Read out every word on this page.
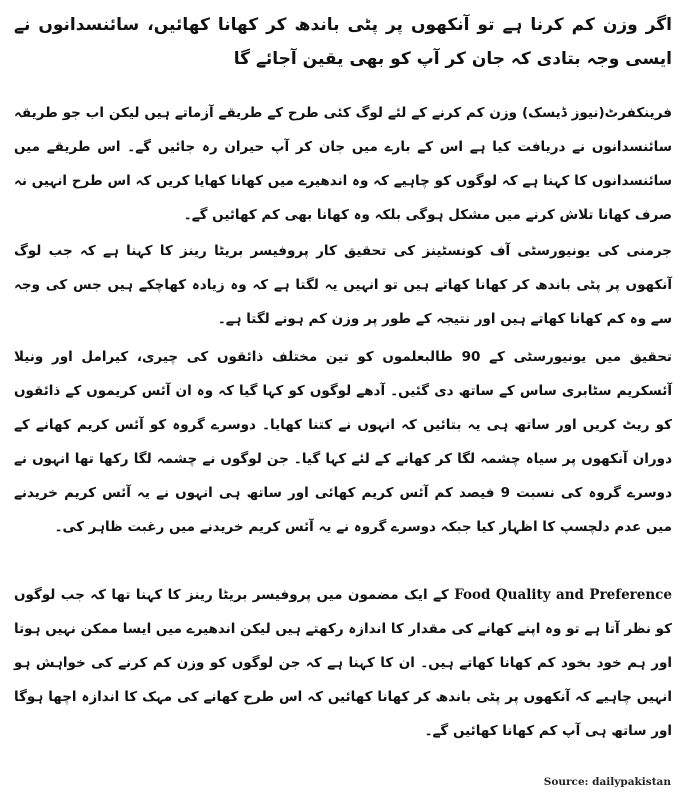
اگر وزن کم کرنا ہے تو آنکھوں پر پٹی باندھ کر کھانا کھائیں، سائنسدانوں نے ایسی وجہ بتادی کہ جان کر آپ کو بھی یقین آجائے گا

فرینکفرٹ(نیوز ڈیسک) وزن کم کرنے کے لئے لوگ کئی طرح کے طریقے آزماتے ہیں لیکن اب جو طریقہ سائنسدانوں نے دریافت کیا ہے اس کے بارے میں جان کر آپ حیران رہ جائیں گے۔ اس طریقے میں سائنسدانوں کا کہنا ہے کہ لوگوں کو چاہیے کہ وہ اندھیرے میں کھانا کھایا کریں کہ اس طرح انہیں نہ صرف کھانا تلاش کرنے میں مشکل ہوگی بلکہ وہ کھانا بھی کم کھائیں گے۔

جرمنی کی یونیورسٹی آف کونسٹینز کی تحقیق کار پروفیسر بریٹا رینز کا کہنا ہے کہ جب لوگ آنکھوں پر پٹی باندھ کر کھانا کھاتے ہیں تو انہیں یہ لگتا ہے کہ وہ زیادہ کھاچکے ہیں جس کی وجہ سے وہ کم کھانا کھاتے ہیں اور نتیجہ کے طور پر وزن کم ہونے لگتا ہے۔

تحقیق میں یونیورسٹی کے 90 طالبعلموں کو تین مختلف ذائقوں کی چیری، کیرامل اور ونیلا آئسکریم سٹابری ساس کے ساتھ دی گئیں۔ آدھے لوگوں کو کہا گیا کہ وہ ان آئس کریموں کے ذائقوں کو ریٹ کریں اور ساتھ ہی یہ بتائیں کہ انہوں نے کتنا کھایا۔ دوسرے گروہ کو آئس کریم کھانے کے دوران آنکھوں پر سیاہ چشمہ لگا کر کھانے کے لئے کہا گیا۔ جن لوگوں نے چشمہ لگا رکھا تھا انہوں نے دوسرے گروہ کی نسبت 9 فیصد کم آئس کریم کھائی اور ساتھ ہی انہوں نے یہ آئس کریم خریدنے میں عدم دلچسپ کا اظہار کیا جبکہ دوسرے گروہ نے یہ آئس کریم خریدنے میں رغبت ظاہر کی۔

Food Quality and Preference کے ایک مضمون میں پروفیسر بریٹا رینز کا کہنا تھا کہ جب لوگوں کو نظر آتا ہے تو وہ اپنے کھانے کی مقدار کا اندازہ رکھتے ہیں لیکن اندھیرے میں ایسا ممکن نہیں ہوتا اور ہم خود بخود کم کھانا کھاتے ہیں۔ ان کا کہنا ہے کہ جن لوگوں کو وزن کم کرنے کی خواہش ہو انہیں چاہیے کہ آنکھوں پر پٹی باندھ کر کھانا کھائیں کہ اس طرح کھانے کی مہک کا اندازہ اچھا ہوگا اور ساتھ ہی آپ کم کھانا کھائیں گے۔

Source: dailypakistan
